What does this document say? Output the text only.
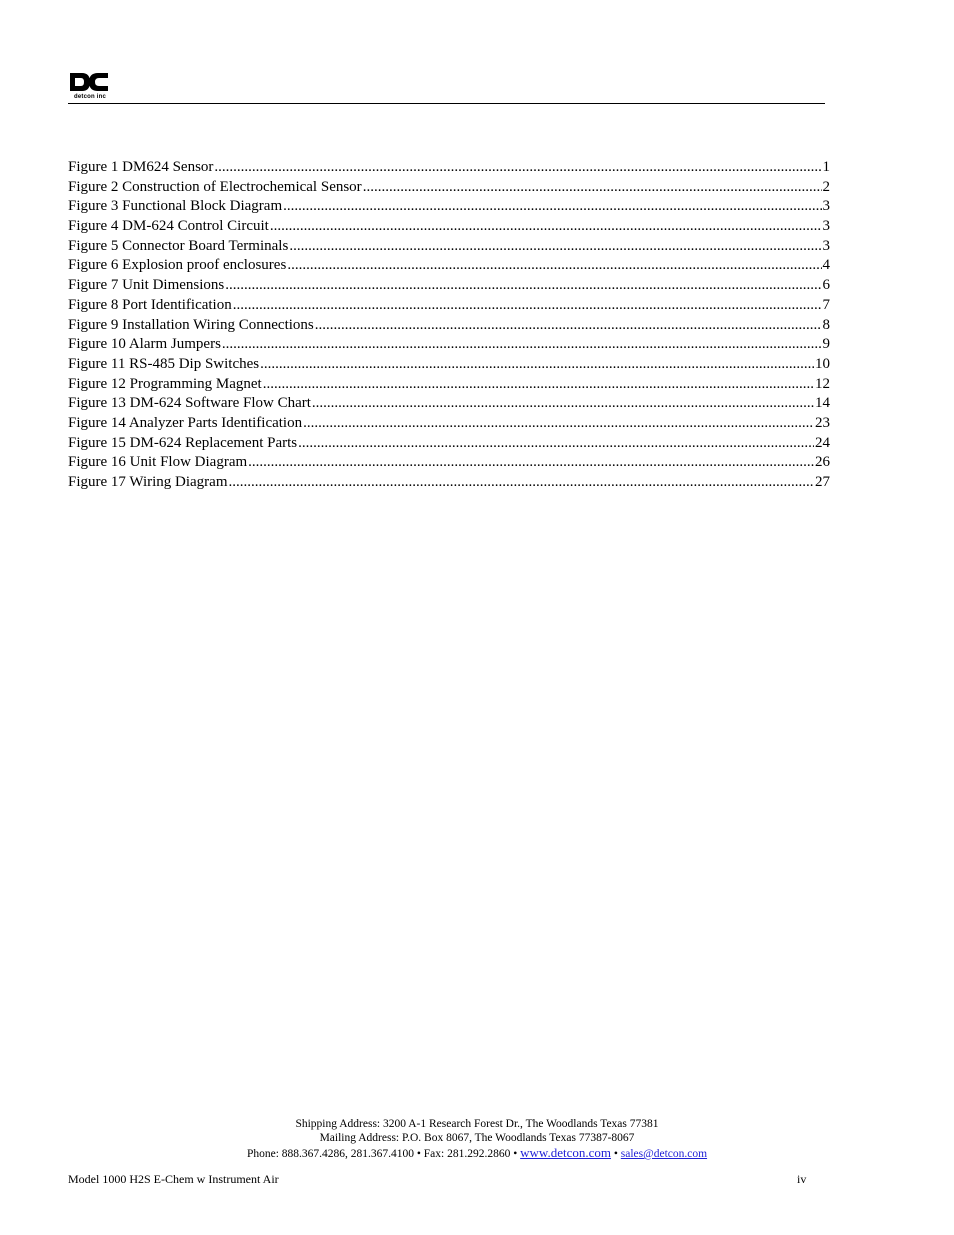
detcon inc
Figure 1 DM624 Sensor .....	1
Figure 2 Construction of Electrochemical Sensor .....	2
Figure 3 Functional Block Diagram .....	3
Figure 4 DM-624 Control Circuit .....	3
Figure 5 Connector Board Terminals .....	3
Figure 6 Explosion proof enclosures .....	4
Figure 7 Unit Dimensions .....	6
Figure 8 Port Identification .....	7
Figure 9 Installation Wiring Connections .....	8
Figure 10 Alarm Jumpers .....	9
Figure 11 RS-485 Dip Switches .....	10
Figure 12 Programming Magnet .....	12
Figure 13 DM-624 Software Flow Chart .....	14
Figure 14 Analyzer Parts Identification .....	23
Figure 15 DM-624 Replacement Parts .....	24
Figure 16 Unit Flow Diagram .....	26
Figure 17 Wiring Diagram .....	27
Shipping Address: 3200 A-1 Research Forest Dr., The Woodlands Texas 77381
Mailing Address: P.O. Box 8067, The Woodlands Texas 77387-8067
Phone: 888.367.4286, 281.367.4100 • Fax: 281.292.2860 • www.detcon.com • sales@detcon.com
Model 1000 H2S E-Chem w Instrument Air	iv
